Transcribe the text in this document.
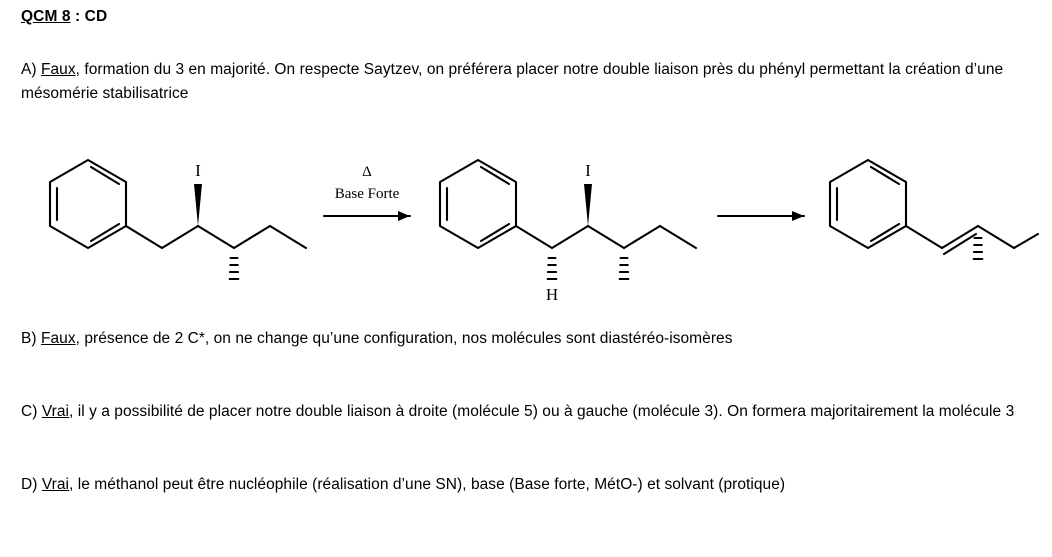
QCM 8 : CD
A) Faux, formation du 3 en majorité. On respecte Saytzev, on préférera placer notre double liaison près du phényl permettant la création d’une mésomérie stabilisatrice
I	I
H
Δ
Base Forte
B) Faux, présence de 2 C*, on ne change qu’une configuration, nos molécules sont diastéréo-isomères
C) Vrai, il y a possibilité de placer notre double liaison à droite (molécule 5) ou à gauche (molécule 3). On formera majoritairement la molécule 3
D) Vrai, le méthanol peut être nucléophile (réalisation d’une SN), base (Base forte, MétO-) et solvant (protique)
